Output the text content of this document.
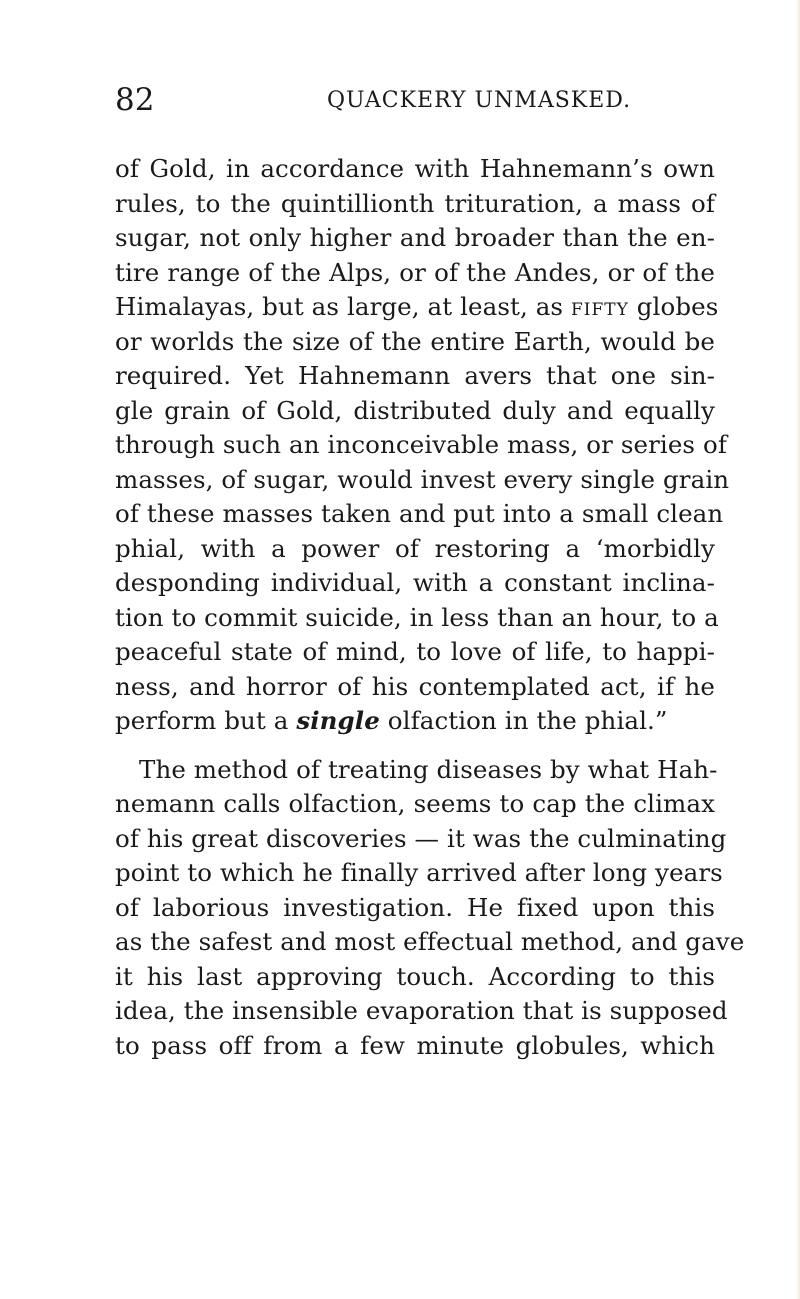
82	QUACKERY UNMASKED.
of Gold, in accordance with Hahnemann’s own
rules, to the quintillionth trituration, a mass of
sugar, not only higher and broader than the en-
tire range of the Alps, or of the Andes, or of the
Himalayas, but as large, at least, as FIFTY globes
or worlds the size of the entire Earth, would be
required. Yet Hahnemann avers that one sin-
gle grain of Gold, distributed duly and equally
through such an inconceivable mass, or series of
masses, of sugar, would invest every single grain
of these masses taken and put into a small clean
phial, with a power of restoring a ‘morbidly
desponding individual, with a constant inclina-
tion to commit suicide, in less than an hour, to a
peaceful state of mind, to love of life, to happi-
ness, and horror of his contemplated act, if he
perform but a single olfaction in the phial.”
The method of treating diseases by what Hah-
nemann calls olfaction, seems to cap the climax
of his great discoveries — it was the culminating
point to which he finally arrived after long years
of laborious investigation. He fixed upon this
as the safest and most effectual method, and gave
it his last approving touch. According to this
idea, the insensible evaporation that is supposed
to pass off from a few minute globules, which
